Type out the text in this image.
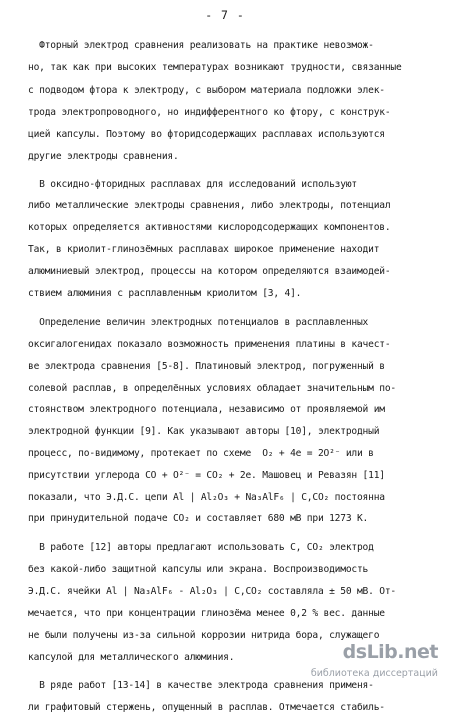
- 7 -
Фторный электрод сравнения реализовать на практике невозмож-
но, так как при высоких температурах возникают трудности, связанные
с подводом фтора к электроду, с выбором материала подложки элек-
трода электропроводного, но индифферентного ко фтору, с конструк-
цией капсулы. Поэтому во фторидсодержащих расплавах используются
другие электроды сравнения.
В оксидно-фторидных расплавах для исследований используют
либо металлические электроды сравнения, либо электроды, потенциал
которых определяется активностями кислородсодержащих компонентов.
Так, в криолит-глинозёмных расплавах широкое применение находит
алюминиевый электрод, процессы на котором определяются взаимодей-
ствием алюминия с расплавленным криолитом [3, 4].
Определение величин электродных потенциалов в расплавленных
оксигалогенидах показало возможность применения платины в качест-
ве электрода сравнения [5-8]. Платиновый электрод, погруженный в
солевой расплав, в определённых условиях обладает значительным по-
стоянством электродного потенциала, независимо от проявляемой им
электродной функции [9]. Как указывают авторы [10], электродный
процесс, по-видимому, протекает по схеме  O₂ + 4e = 2O²⁻ или в
присутствии углерода CO + O²⁻ = CO₂ + 2e. Машовец и Ревазян [11]
показали, что Э.Д.С. цепи Al | Al₂O₃ + Na₃AlF₆ | C,CO₂ постоянна
при принудительной подаче CO₂ и составляет 680 мВ при 1273 К.
В работе [12] авторы предлагают использовать C, CO₂ электрод
без какой-либо защитной капсулы или экрана. Воспроизводимость
Э.Д.С. ячейки Al | Na₃AlF₆ - Al₂O₃ | C,CO₂ составляла ± 50 мВ. От-
мечается, что при концентрации глинозёма менее 0,2 % вес. данные
не были получены из-за сильной коррозии нитрида бора, служащего
капсулой для металлического алюминия.
В ряде работ [13-14] в качестве электрода сравнения применя-
ли графитовый стержень, опущенный в расплав. Отмечается стабиль-
dsLib.net
библиотека диссертаций
